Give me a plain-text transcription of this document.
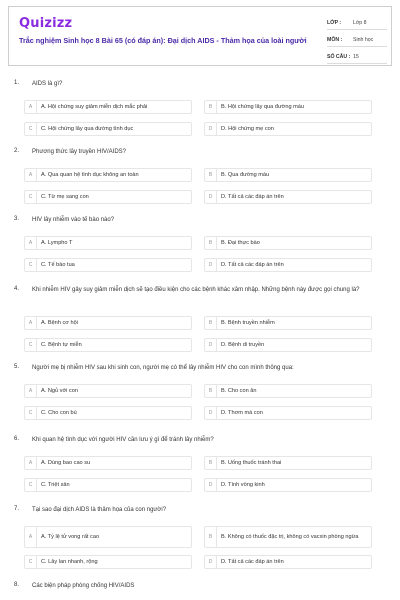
Quizizz
Trắc nghiệm Sinh học 8 Bài 65 (có đáp án): Đại dịch AIDS - Thảm họa của loài người
LỚP :	Lớp 8
MÔN :	Sinh học
SỐ CÂU : 15
1.	AIDS là gì?
A	A. Hội chứng suy giảm miễn dịch mắc phải	B	B. Hội chứng lây qua đường máu
C	C. Hội chứng lây qua đường tình dục	D	D. Hội chứng mẹ con
2.	Phương thức lây truyền HIV/AIDS?
A	A. Qua quan hệ tình dục không an toàn	B	B. Qua đường máu
C	C. Từ mẹ sang con	D	D. Tất cả các đáp án trên
3.	HIV lây nhiễm vào tế bào nào?
A	A. Lympho T	B	B. Đại thực bào
C	C. Tế bào tua	D	D. Tất cả các đáp án trên
4.	Khi nhiễm HIV gây suy giảm miễn dịch sẽ tạo điều kiện cho các bệnh khác xâm nhập. Những bệnh này được gọi chung là?
A	A. Bệnh cơ hội	B	B. Bệnh truyền nhiễm
C	C. Bệnh tự miễn	D	D. Bệnh di truyền
5.	Người mẹ bị nhiễm HIV sau khi sinh con, người mẹ có thể lây nhiễm HIV cho con mình thông qua:
A	A. Ngủ với con	B	B. Cho con ăn
C	C. Cho con bú	D	D. Thơm má con
6.	Khi quan hệ tình dục với người HIV cần lưu ý gì để tránh lây nhiễm?
A	A. Dùng bao cao su	B	B. Uống thuốc tránh thai
C	C. Triệt sản	D	D. Tính vòng kinh
7.	Tại sao đại dịch AIDS là thảm họa của con người?
A	A. Tỷ lệ tử vong rất cao	B	B. Không có thuốc đặc trị, không có vacxin phòng ngừa
C	C. Lây lan nhanh, rộng	D	D. Tất cả các đáp án trên
8.	Các biện pháp phòng chống HIV/AIDS
